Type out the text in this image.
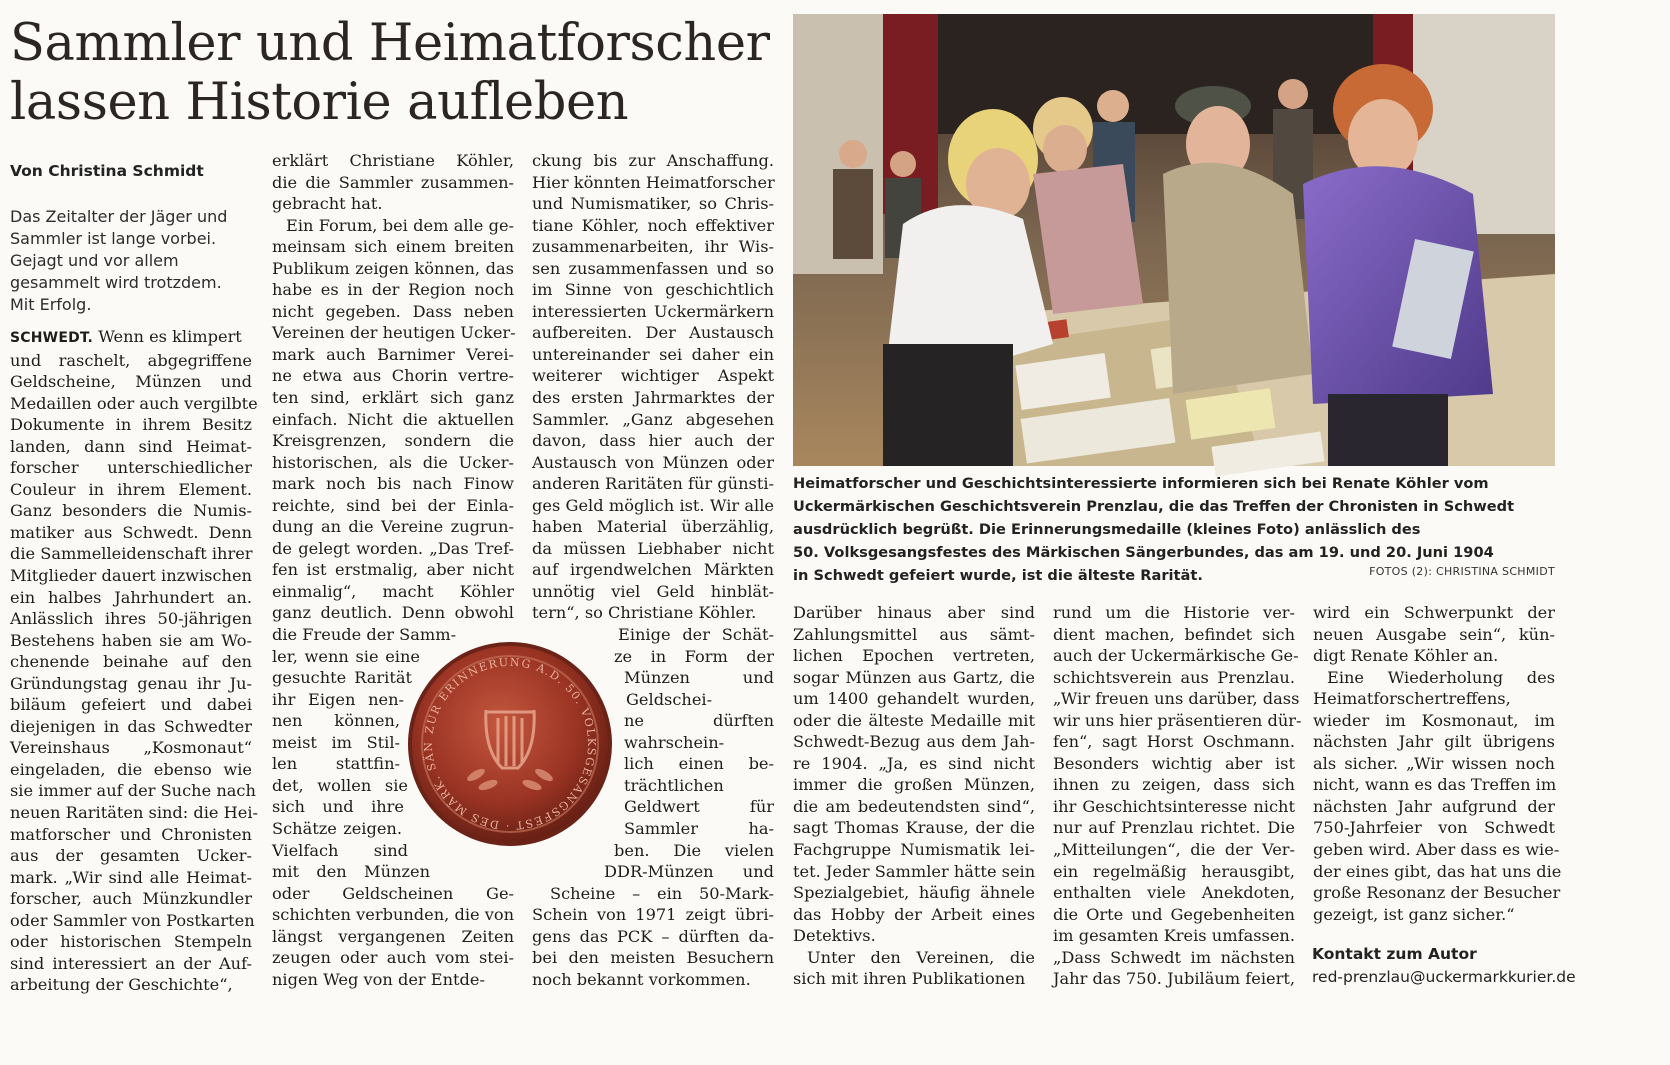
Sammler und Heimatforscher
lassen Historie aufleben
Von Christina Schmidt
Das Zeitalter der Jäger und
Sammler ist lange vorbei.
Gejagt und vor allem
gesammelt wird trotzdem.
Mit Erfolg.
SCHWEDT. Wenn es klimpert
und raschelt, abgegriffene
Geldscheine, Münzen und
Medaillen oder auch vergilbte
Dokumente in ihrem Besitz
landen, dann sind Heimat-
forscher unterschiedlicher
Couleur in ihrem Element.
Ganz besonders die Numis-
matiker aus Schwedt. Denn
die Sammelleidenschaft ihrer
Mitglieder dauert inzwischen
ein halbes Jahrhundert an.
Anlässlich ihres 50-jährigen
Bestehens haben sie am Wo-
chenende beinahe auf den
Gründungstag genau ihr Ju-
biläum gefeiert und dabei
diejenigen in das Schwedter
Vereinshaus „Kosmonaut“
eingeladen, die ebenso wie
sie immer auf der Suche nach
neuen Raritäten sind: die Hei-
matforscher und Chronisten
aus der gesamten Ucker-
mark. „Wir sind alle Heimat-
forscher, auch Münzkundler
oder Sammler von Postkarten
oder historischen Stempeln
sind interessiert an der Auf-
arbeitung der Geschichte“,
erklärt Christiane Köhler,
die die Sammler zusammen-
gebracht hat.
Ein Forum, bei dem alle ge-
meinsam sich einem breiten
Publikum zeigen können, das
habe es in der Region noch
nicht gegeben. Dass neben
Vereinen der heutigen Ucker-
mark auch Barnimer Verei-
ne etwa aus Chorin vertre-
ten sind, erklärt sich ganz
einfach. Nicht die aktuellen
Kreisgrenzen, sondern die
historischen, als die Ucker-
mark noch bis nach Finow
reichte, sind bei der Einla-
dung an die Vereine zugrun-
de gelegt worden. „Das Tref-
fen ist erstmalig, aber nicht
einmalig“, macht Köhler
ganz deutlich. Denn obwohl
die Freude der Samm-
ler, wenn sie eine
gesuchte Rarität
ihr Eigen nen-
nen können,
meist im Stil-
len stattfin-
det, wollen sie
sich und ihre
Schätze zeigen.
Vielfach sind
mit den Münzen
oder Geldscheinen Ge-
schichten verbunden, die von
längst vergangenen Zeiten
zeugen oder auch vom stei-
nigen Weg von der Entde-
ckung bis zur Anschaffung.
Hier könnten Heimatforscher
und Numismatiker, so Chris-
tiane Köhler, noch effektiver
zusammenarbeiten, ihr Wis-
sen zusammenfassen und so
im Sinne von geschichtlich
interessierten Uckermärkern
aufbereiten. Der Austausch
untereinander sei daher ein
weiterer wichtiger Aspekt
des ersten Jahrmarktes der
Sammler. „Ganz abgesehen
davon, dass hier auch der
Austausch von Münzen oder
anderen Raritäten für günsti-
ges Geld möglich ist. Wir alle
haben Material überzählig,
da müssen Liebhaber nicht
auf irgendwelchen Märkten
unnötig viel Geld hinblät-
tern“, so Christiane Köhler.
Einige der Schät-
ze in Form der
Münzen und
Geldschei-
ne dürften
wahrschein-
lich einen be-
trächtlichen
Geldwert für
Sammler ha-
ben. Die vielen
DDR-Münzen und
Scheine – ein 50-Mark-
Schein von 1971 zeigt übri-
gens das PCK – dürften da-
bei den meisten Besuchern
noch bekannt vorkommen.
Darüber hinaus aber sind
Zahlungsmittel aus sämt-
lichen Epochen vertreten,
sogar Münzen aus Gartz, die
um 1400 gehandelt wurden,
oder die älteste Medaille mit
Schwedt-Bezug aus dem Jah-
re 1904. „Ja, es sind nicht
immer die großen Münzen,
die am bedeutendsten sind“,
sagt Thomas Krause, der die
Fachgruppe Numismatik lei-
tet. Jeder Sammler hätte sein
Spezialgebiet, häufig ähnele
das Hobby der Arbeit eines
Detektivs.
Unter den Vereinen, die
sich mit ihren Publikationen
rund um die Historie ver-
dient machen, befindet sich
auch der Uckermärkische Ge-
schichtsverein aus Prenzlau.
„Wir freuen uns darüber, dass
wir uns hier präsentieren dür-
fen“, sagt Horst Oschmann.
Besonders wichtig aber ist
ihnen zu zeigen, dass sich
ihr Geschichtsinteresse nicht
nur auf Prenzlau richtet. Die
„Mitteilungen“, die der Ver-
ein regelmäßig herausgibt,
enthalten viele Anekdoten,
die Orte und Gegebenheiten
im gesamten Kreis umfassen.
„Dass Schwedt im nächsten
Jahr das 750. Jubiläum feiert,
wird ein Schwerpunkt der
neuen Ausgabe sein“, kün-
digt Renate Köhler an.
Eine Wiederholung des
Heimatforschertreffens,
wieder im Kosmonaut, im
nächsten Jahr gilt übrigens
als sicher. „Wir wissen noch
nicht, wann es das Treffen im
nächsten Jahr aufgrund der
750-Jahrfeier von Schwedt
geben wird. Aber dass es wie-
der eines gibt, das hat uns die
große Resonanz der Besucher
gezeigt, ist ganz sicher.“
Heimatforscher und Geschichtsinteressierte informieren sich bei Renate Köhler vom
Uckermärkischen Geschichtsverein Prenzlau, die das Treffen der Chronisten in Schwedt
ausdrücklich begrüßt. Die Erinnerungsmedaille (kleines Foto) anlässlich des
50. Volksgesangsfestes des Märkischen Sängerbundes, das am 19. und 20. Juni 1904
in Schwedt gefeiert wurde, ist die älteste Rarität.	FOTOS (2): CHRISTINA SCHMIDT
ZUR ERINNERUNG A.D. 50. VOLKSGESANGSFEST · DES MÄRK. SÄN
Kontakt zum Autor
red-prenzlau@uckermarkkurier.de
